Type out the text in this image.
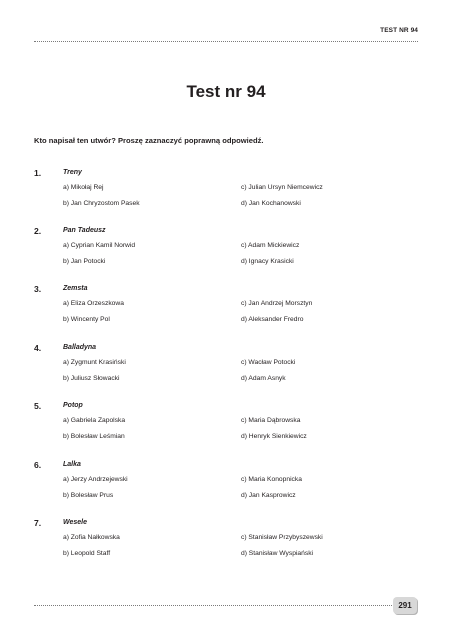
TEST NR 94
Test nr 94
Kto napisał ten utwór? Proszę zaznaczyć poprawną odpowiedź.
1.	Treny
a) Mikołaj Rej
b) Jan Chryzostom Pasek
c) Julian Ursyn Niemcewicz
d) Jan Kochanowski
2.	Pan Tadeusz
a) Cyprian Kamil Norwid
b) Jan Potocki
c) Adam Mickiewicz
d) Ignacy Krasicki
3.	Zemsta
a) Eliza Orzeszkowa
b) Wincenty Pol
c) Jan Andrzej Morsztyn
d) Aleksander Fredro
4.	Balladyna
a) Zygmunt Krasiński
b) Juliusz Słowacki
c) Wacław Potocki
d) Adam Asnyk
5.	Potop
a) Gabriela Zapolska
b) Bolesław Leśmian
c) Maria Dąbrowska
d) Henryk Sienkiewicz
6.	Lalka
a) Jerzy Andrzejewski
b) Bolesław Prus
c) Maria Konopnicka
d) Jan Kasprowicz
7.	Wesele
a) Zofia Nałkowska
b) Leopold Staff
c) Stanisław Przybyszewski
d) Stanisław Wyspiański
291
